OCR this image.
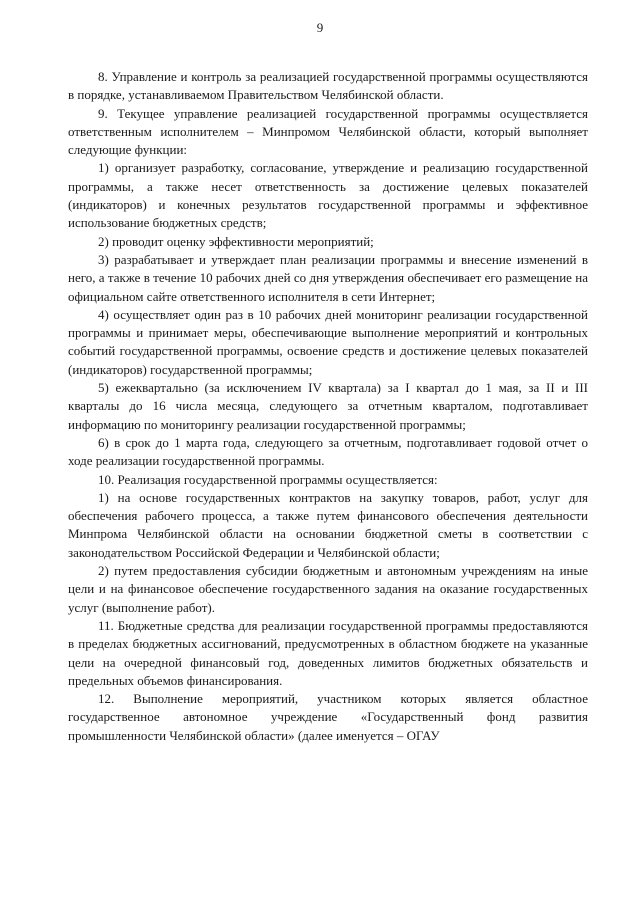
9

8. Управление и контроль за реализацией государственной программы осуществляются в порядке, устанавливаемом Правительством Челябинской области.

9. Текущее управление реализацией государственной программы осуществляется ответственным исполнителем – Минпромом Челябинской области, который выполняет следующие функции:

1) организует разработку, согласование, утверждение и реализацию государственной программы, а также несет ответственность за достижение целевых показателей (индикаторов) и конечных результатов государственной программы и эффективное использование бюджетных средств;

2) проводит оценку эффективности мероприятий;

3) разрабатывает и утверждает план реализации программы и внесение изменений в него, а также в течение 10 рабочих дней со дня утверждения обеспечивает его размещение на официальном сайте ответственного исполнителя в сети Интернет;

4) осуществляет один раз в 10 рабочих дней мониторинг реализации государственной программы и принимает меры, обеспечивающие выполнение мероприятий и контрольных событий государственной программы, освоение средств и достижение целевых показателей (индикаторов) государственной программы;

5) ежеквартально (за исключением IV квартала) за I квартал до 1 мая, за II и III кварталы до 16 числа месяца, следующего за отчетным кварталом, подготавливает информацию по мониторингу реализации государственной программы;

6) в срок до 1 марта года, следующего за отчетным, подготавливает годовой отчет о ходе реализации государственной программы.

10. Реализация государственной программы осуществляется:

1) на основе государственных контрактов на закупку товаров, работ, услуг для обеспечения рабочего процесса, а также путем финансового обеспечения деятельности Минпрома Челябинской области на основании бюджетной сметы в соответствии с законодательством Российской Федерации и Челябинской области;

2) путем предоставления субсидии бюджетным и автономным учреждениям на иные цели и на финансовое обеспечение государственного задания на оказание государственных услуг (выполнение работ).

11. Бюджетные средства для реализации государственной программы предоставляются в пределах бюджетных ассигнований, предусмотренных в областном бюджете на указанные цели на очередной финансовый год, доведенных лимитов бюджетных обязательств и предельных объемов финансирования.

12. Выполнение мероприятий, участником которых является областное государственное автономное учреждение «Государственный фонд развития промышленности Челябинской области» (далее именуется – ОГАУ
